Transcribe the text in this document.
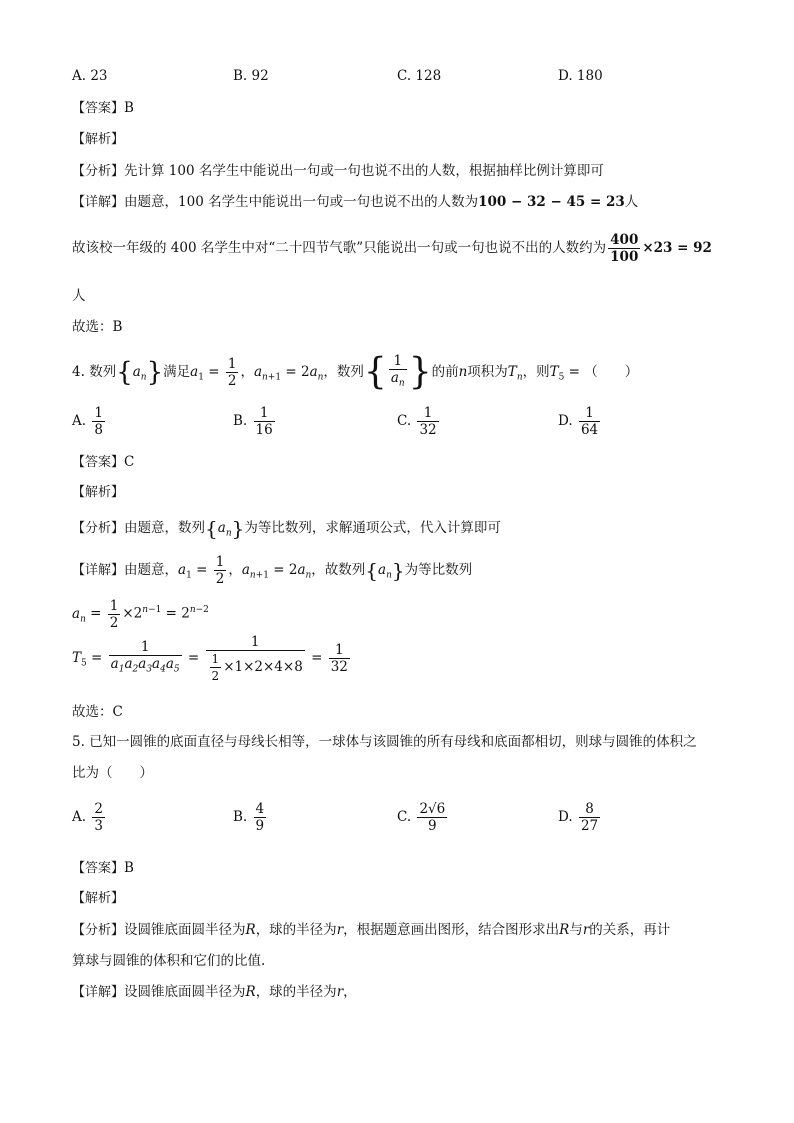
A. 23	B. 92	C. 128	D. 180
【答案】B
【解析】
【分析】先计算 100 名学生中能说出一句或一句也说不出的人数，根据抽样比例计算即可
【详解】由题意，100 名学生中能说出一句或一句也说不出的人数为100 − 32 − 45 = 23人
故该校一年级的 400 名学生中对“二十四节气歌”只能说出一句或一句也说不出的人数约为 $\frac{400}{100} \times 23 = 92$
人
故选：B
4. 数列$\{a_n\}$满足$a_1 = \frac{1}{2}$ ，$a_{n+1} = 2a_n$，数列{ $\frac{1}{a_n}$ }的前n项积为$T_n$，则$T_5$ = （　　）
A. $\frac{1}{8}$	B. $\frac{1}{16}$	C. $\frac{1}{32}$	D. $\frac{1}{64}$
【答案】C
【解析】
【分析】由题意，数列$\{a_n\}$为等比数列，求解通项公式，代入计算即可
【详解】由题意，$a_1 = \frac{1}{2}$ ，$a_{n+1} = 2a_n$，故数列$\{a_n\}$为等比数列
$a_n = \frac{1}{2} \times 2^{n-1} = 2^{n-2}$
$T_5 = \frac{1}{a_1a_2a_3a_4a_5} = \frac{1}{\frac{1}{2} \times 1\times 2\times 4\times 8} = \frac{1}{32}$
故选：C
5. 已知一圆锥的底面直径与母线长相等，一球体与该圆锥的所有母线和底面都相切，则球与圆锥的体积之
比为（　　）
A. $\frac{2}{3}$	B. $\frac{4}{9}$	C. $\frac{2√6}{9}$	D. $\frac{8}{27}$
【答案】B
【解析】
【分析】设圆锥底面圆半径为R，球的半径为r，根据题意画出图形，结合图形求出R与r的关系，再计
算球与圆锥的体积和它们的比值.
【详解】设圆锥底面圆半径为R，球的半径为r，
